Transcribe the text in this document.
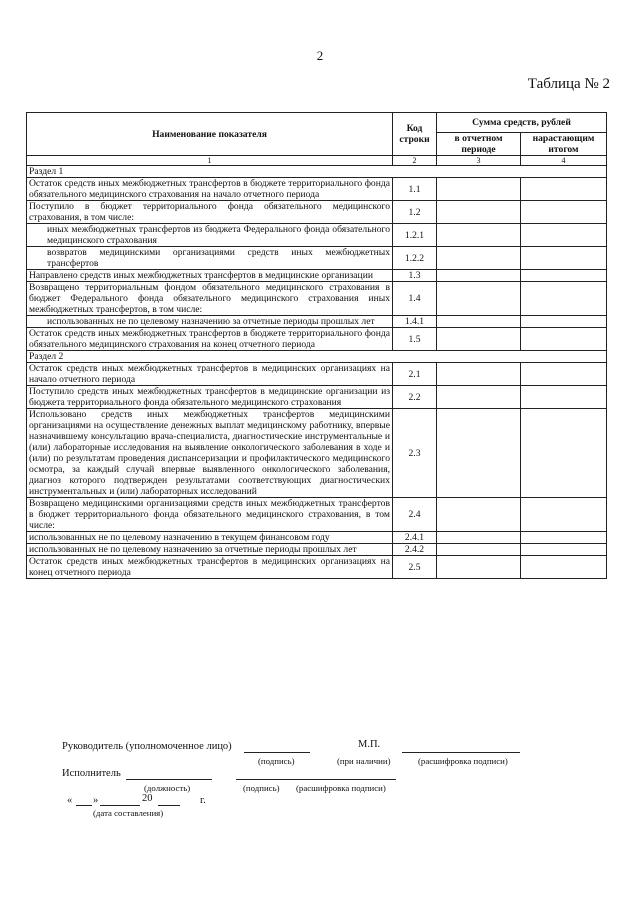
2
Таблица № 2
Наименование показателя	Код строки	Сумма средств, рублей	
		в отчетном периоде	нарастающим итогом
1	2	3	4
Раздел 1			
Остаток средств иных межбюджетных трансфертов в бюджете территориального фонда обязательного медицинского страхования на начало отчетного периода	1.1		
Поступило в бюджет территориального фонда обязательного медицинского страхования, в том числе:	1.2		
иных межбюджетных трансфертов из бюджета Федерального фонда обязательного медицинского страхования	1.2.1		
возвратов медицинскими организациями средств иных межбюджетных трансфертов	1.2.2		
Направлено средств иных межбюджетных трансфертов в медицинские организации	1.3		
Возвращено территориальным фондом обязательного медицинского страхования в бюджет Федерального фонда обязательного медицинского страхования иных межбюджетных трансфертов, в том числе:	1.4		
использованных не по целевому назначению за отчетные периоды прошлых лет	1.4.1		
Остаток средств иных межбюджетных трансфертов в бюджете территориального фонда обязательного медицинского страхования на конец отчетного периода	1.5		
Раздел 2			
Остаток средств иных межбюджетных трансфертов в медицинских организациях на начало отчетного периода	2.1		
Поступило средств иных межбюджетных трансфертов в медицинские организации из бюджета территориального фонда обязательного медицинского страхования	2.2		
Использовано средств иных межбюджетных трансфертов медицинскими организациями на осуществление денежных выплат медицинскому работнику, впервые назначившему консультацию врача-специалиста, диагностические инструментальные и (или) лабораторные исследования на выявление онкологического заболевания в ходе и (или) по результатам проведения диспансеризации и профилактического медицинского осмотра, за каждый случай впервые выявленного онкологического заболевания, диагноз которого подтвержден результатами соответствующих диагностических инструментальных и (или) лабораторных исследований	2.3		
Возвращено медицинскими организациями средств иных межбюджетных трансфертов в бюджет территориального фонда обязательного медицинского страхования, в том числе:	2.4		
использованных не по целевому назначению в текущем финансовом году	2.4.1		
использованных не по целевому назначению за отчетные периоды прошлых лет	2.4.2		
Остаток средств иных межбюджетных трансфертов в медицинских организациях на конец отчетного периода	2.5		
Руководитель (уполномоченное лицо)	М.П.
(подпись)	(при наличии)	(расшифровка подписи)
Исполнитель
(должность)	(подпись) (расшифровка подписи)
« »	20	г.
(дата составления)
